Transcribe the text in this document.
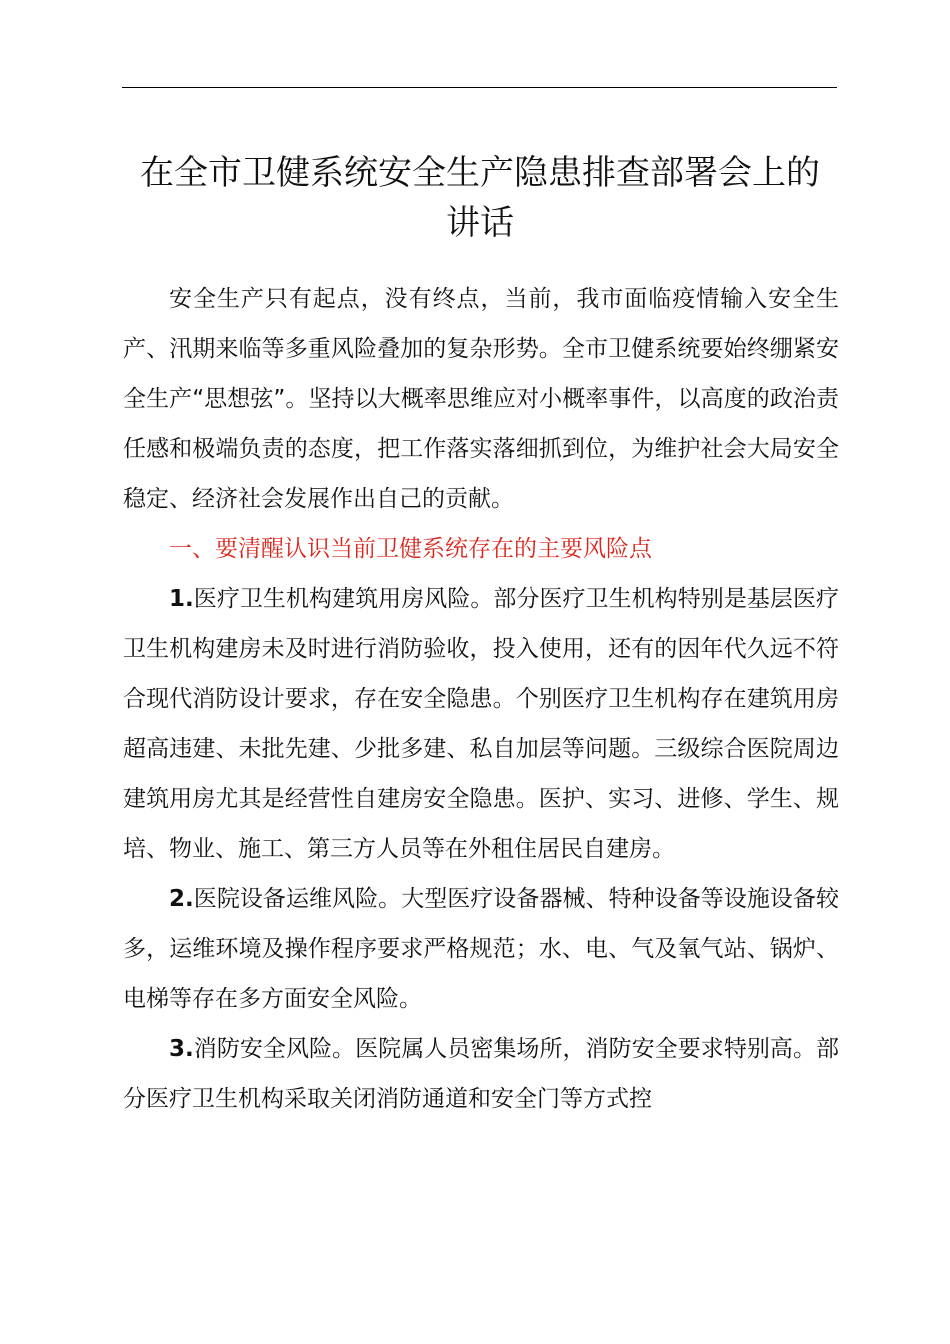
在全市卫健系统安全生产隐患排查部署会上的
讲话

安全生产只有起点，没有终点，当前，我市面临疫情输入安全生产、汛期来临等多重风险叠加的复杂形势。全市卫健系统要始终绷紧安全生产“思想弦”。坚持以大概率思维应对小概率事件，以高度的政治责任感和极端负责的态度，把工作落实落细抓到位，为维护社会大局安全稳定、经济社会发展作出自己的贡献。

一、要清醒认识当前卫健系统存在的主要风险点

1.医疗卫生机构建筑用房风险。部分医疗卫生机构特别是基层医疗卫生机构建房未及时进行消防验收，投入使用，还有的因年代久远不符合现代消防设计要求，存在安全隐患。个别医疗卫生机构存在建筑用房超高违建、未批先建、少批多建、私自加层等问题。三级综合医院周边建筑用房尤其是经营性自建房安全隐患。医护、实习、进修、学生、规培、物业、施工、第三方人员等在外租住居民自建房。

2.医院设备运维风险。大型医疗设备器械、特种设备等设施设备较多，运维环境及操作程序要求严格规范；水、电、气及氧气站、锅炉、电梯等存在多方面安全风险。

3.消防安全风险。医院属人员密集场所，消防安全要求特别高。部分医疗卫生机构采取关闭消防通道和安全门等方式控
